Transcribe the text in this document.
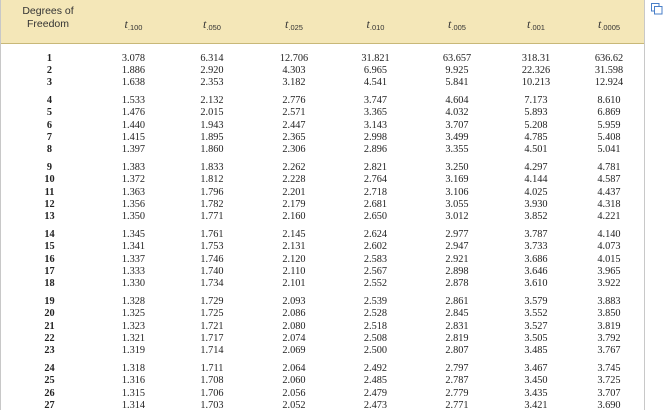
Degrees of
Freedom	$t_{.100}$	$t_{.050}$	$t_{.025}$	$t_{.010}$	$t_{.005}$	$t_{.001}$	$t_{.0005}$
1	3.078	6.314	12.706	31.821	63.657	318.31	636.62
2	1.886	2.920	4.303	6.965	9.925	22.326	31.598
3	1.638	2.353	3.182	4.541	5.841	10.213	12.924
4	1.533	2.132	2.776	3.747	4.604	7.173	8.610
5	1.476	2.015	2.571	3.365	4.032	5.893	6.869
6	1.440	1.943	2.447	3.143	3.707	5.208	5.959
7	1.415	1.895	2.365	2.998	3.499	4.785	5.408
8	1.397	1.860	2.306	2.896	3.355	4.501	5.041
9	1.383	1.833	2.262	2.821	3.250	4.297	4.781
10	1.372	1.812	2.228	2.764	3.169	4.144	4.587
11	1.363	1.796	2.201	2.718	3.106	4.025	4.437
12	1.356	1.782	2.179	2.681	3.055	3.930	4.318
13	1.350	1.771	2.160	2.650	3.012	3.852	4.221
14	1.345	1.761	2.145	2.624	2.977	3.787	4.140
15	1.341	1.753	2.131	2.602	2.947	3.733	4.073
16	1.337	1.746	2.120	2.583	2.921	3.686	4.015
17	1.333	1.740	2.110	2.567	2.898	3.646	3.965
18	1.330	1.734	2.101	2.552	2.878	3.610	3.922
19	1.328	1.729	2.093	2.539	2.861	3.579	3.883
20	1.325	1.725	2.086	2.528	2.845	3.552	3.850
21	1.323	1.721	2.080	2.518	2.831	3.527	3.819
22	1.321	1.717	2.074	2.508	2.819	3.505	3.792
23	1.319	1.714	2.069	2.500	2.807	3.485	3.767
24	1.318	1.711	2.064	2.492	2.797	3.467	3.745
25	1.316	1.708	2.060	2.485	2.787	3.450	3.725
26	1.315	1.706	2.056	2.479	2.779	3.435	3.707
27	1.314	1.703	2.052	2.473	2.771	3.421	3.690
